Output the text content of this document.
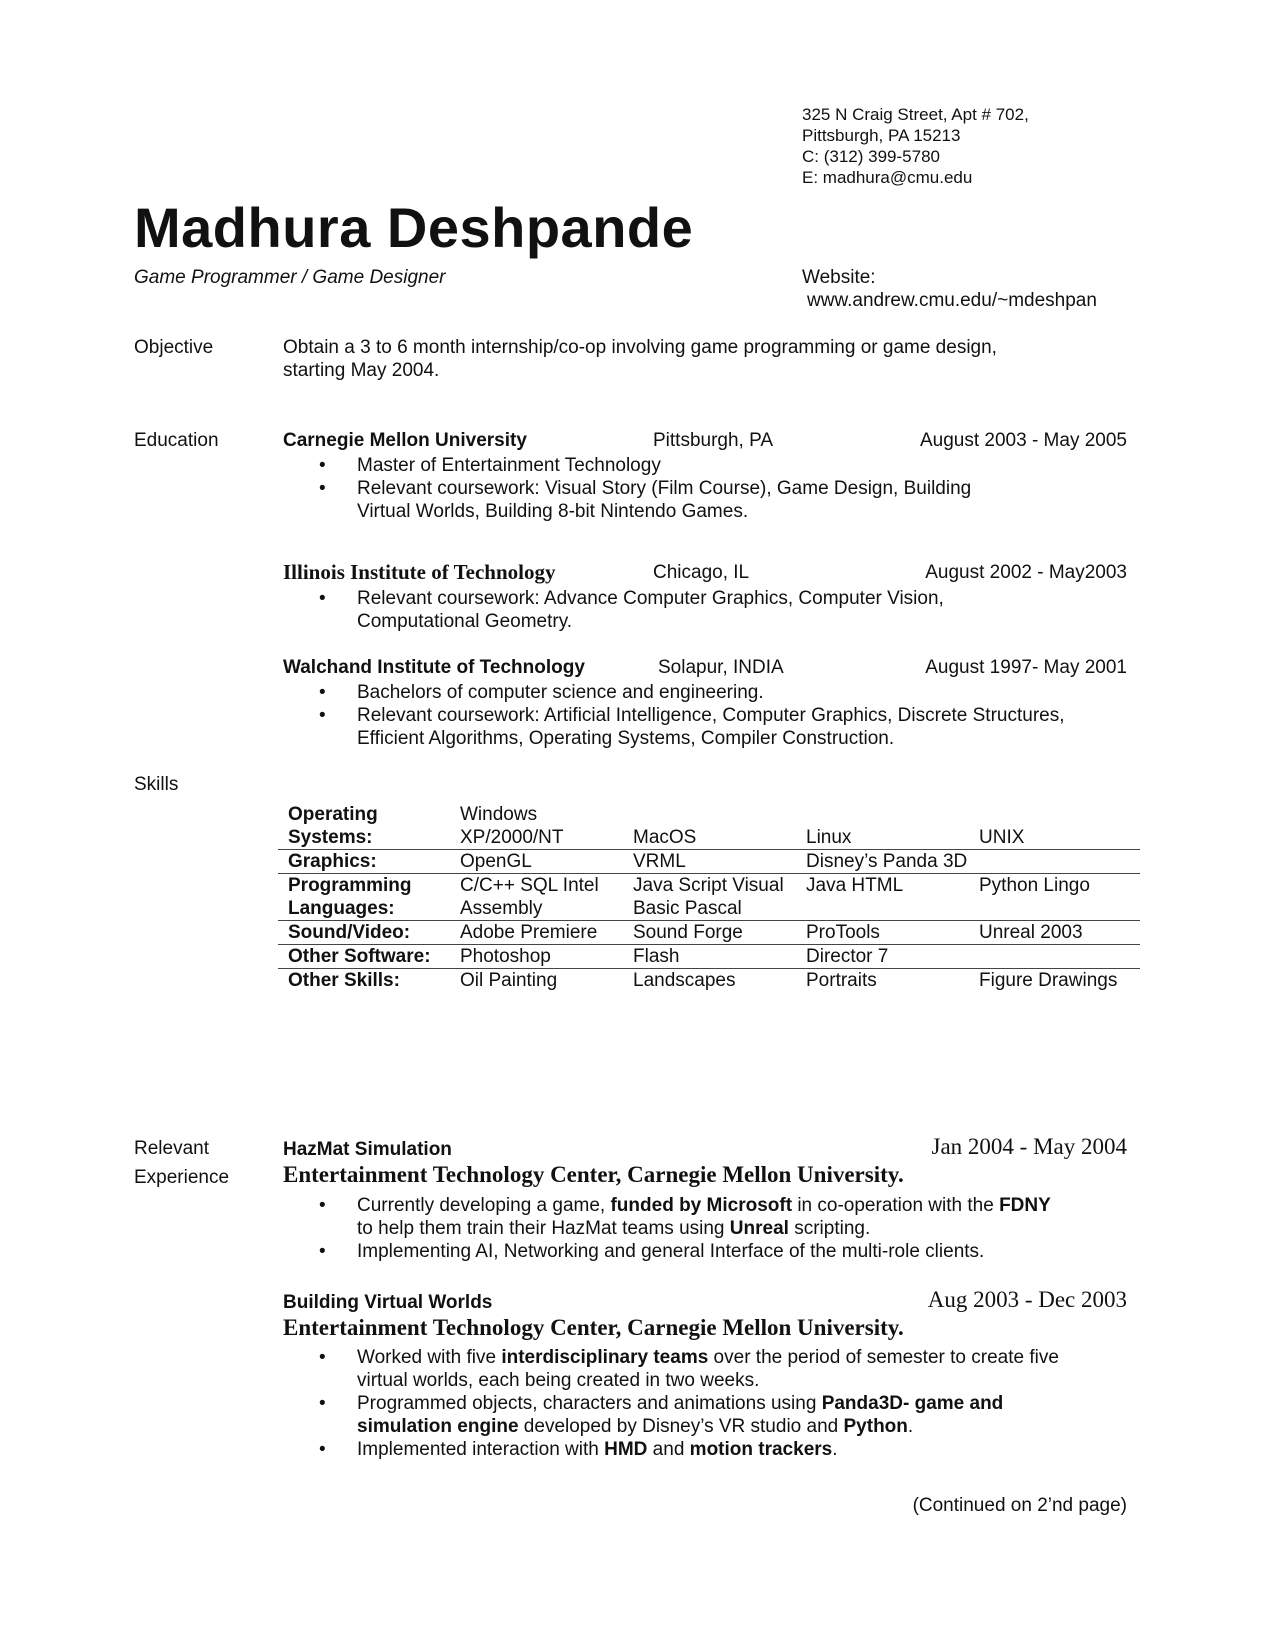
325 N Craig Street, Apt # 702,
Pittsburgh, PA 15213
C: (312) 399-5780
E: madhura@cmu.edu
Madhura Deshpande
Game Programmer / Game Designer	Website:
www.andrew.cmu.edu/~mdeshpan
Objective	Obtain a 3 to 6 month internship/co-op involving game programming or game design,
starting May 2004.
Education	Carnegie Mellon University	Pittsburgh, PA	August 2003 - May 2005
• Master of Entertainment Technology
• Relevant coursework: Visual Story (Film Course), Game Design, Building Virtual Worlds, Building 8-bit Nintendo Games.
Illinois Institute of Technology	Chicago, IL	August 2002 - May2003
• Relevant coursework: Advance Computer Graphics, Computer Vision, Computational Geometry.
Walchand Institute of Technology	Solapur, INDIA	August 1997- May 2001
• Bachelors of computer science and engineering.
• Relevant coursework: Artificial Intelligence, Computer Graphics, Discrete Structures, Efficient Algorithms, Operating Systems, Compiler Construction.
Skills
Operating Systems:	Windows XP/2000/NT	MacOS	Linux	UNIX
Graphics:	OpenGL	VRML	Disney’s Panda 3D	
Programming Languages:	C/C++ SQL Intel Assembly	Java Script Visual Basic Pascal	Java HTML	Python Lingo
Sound/Video:	Adobe Premiere	Sound Forge	ProTools	Unreal 2003
Other Software:	Photoshop	Flash	Director 7	
Other Skills:	Oil Painting	Landscapes	Portraits	Figure Drawings
Relevant
Experience
HazMat Simulation	Jan 2004 - May 2004
Entertainment Technology Center, Carnegie Mellon University.
• Currently developing a game, funded by Microsoft in co-operation with the FDNY
to help them train their HazMat teams using Unreal scripting.
• Implementing AI, Networking and general Interface of the multi-role clients.
Building Virtual Worlds	Aug 2003 - Dec 2003
Entertainment Technology Center, Carnegie Mellon University.
• Worked with five interdisciplinary teams over the period of semester to create five virtual worlds, each being created in two weeks.
• Programmed objects, characters and animations using Panda3D- game and simulation engine developed by Disney’s VR studio and Python.
• Implemented interaction with HMD and motion trackers.
(Continued on 2’nd page)
